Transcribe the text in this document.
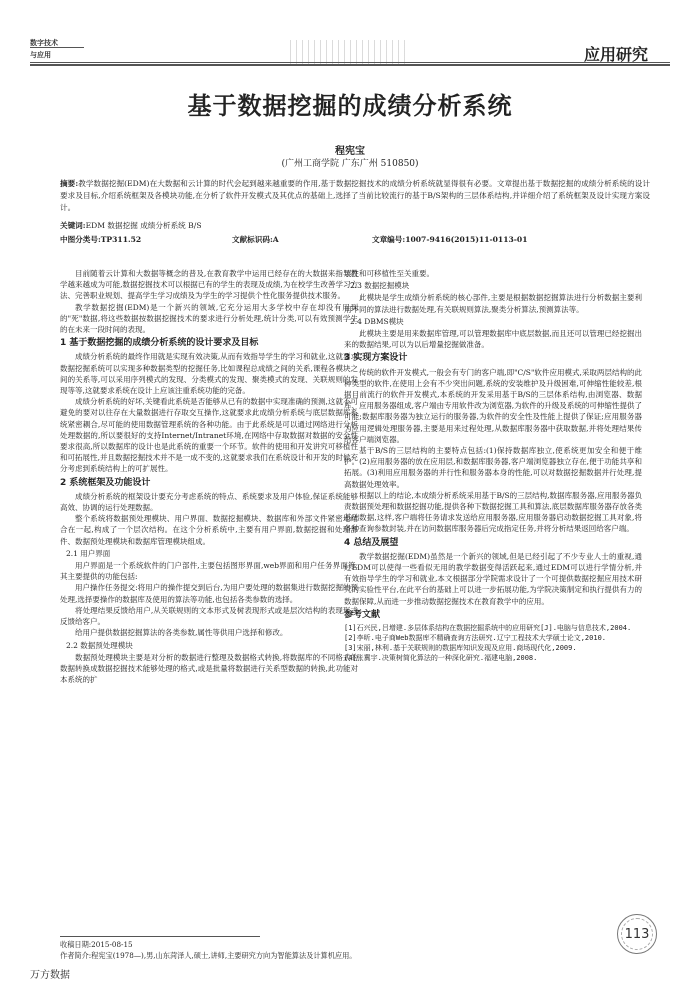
数字技术
与应用	应用研究
基于数据挖掘的成绩分析系统
程宪宝
(广州工商学院 广东广州 510850)
摘要:教学数据挖掘(EDM)在大数据和云计算的时代会起到越来越重要的作用,基于数据挖掘技术的成绩分析系统就显得很有必要。文章提出基于数据挖掘的成绩分析系统的设计要求及目标,介绍系统框架及各模块功能,在分析了软件开发模式及其优点的基础上,选择了当前比较流行的基于B/S架构的三层体系结构,并详细介绍了系统框架及设计实现方案设计。
关键词:EDM 数据挖掘 成绩分析系统 B/S
中图分类号:TP311.52	文献标识码:A	文章编号:1007-9416(2015)11-0113-01

目前随着云计算和大数据等概念的普及,在教育教学中运用已经存在的大数据来指导教学越来越成为可能,数据挖掘技术可以根据已有的学生的表现及成绩,为在校学生改善学习方法、完善职业规划、提高学生学习成绩及为学生的学习提供个性化服务提供技术服务。

教学数据挖掘(EDM)是一个新兴的领域,它充分运用大多学校中存在却没有用到的"死"数据,将这些数据按数据挖掘技术的要求进行分析处理,统计分类,可以有效预测学生的在未来一段时间的表现。

1 基于数据挖掘的成绩分析系统的设计要求及目标

成绩分析系统的最终作用就是实现有效决策,从而有效指导学生的学习和就业,这就要求数据挖掘系统可以实现多种数据类型的挖掘任务,比如课程总成绩之间的关系,课程各模块之间的关系等,可以采用序列模式的发现、分类模式的发现、聚类模式的发现、关联规则的发现等等,这就要求系统在设计上应该注重系统功能的完备。

成绩分析系统的好坏,关键看此系统是否能够从已有的数据中实现准确的预测,这就不可避免的要对以往存在大量数据进行存取交互操作,这就要求此成绩分析系统与底层数据库系统紧密耦合,尽可能的使用数据管理系统的各种功能。由于此系统是可以通过网络进行分析处理数据的,所以要很好的支持Internet/Intranet环境,在网络中存取数据对数据的安全性要求很高,所以数据库的设计也是此系统的重要一个环节。软件的使用和开发讲究可移植性和可拓展性,并且数据挖掘技术并不是一成不变的,这就要求我们在系统设计和开发的时候充分考虑到系统结构上的可扩展性。

2 系统框架及功能设计

成绩分析系统的框架设计要充分考虑系统的特点、系统要求及用户体验,保证系统能够高效、协调的运行处理数据。

整个系统将数据预处理模块、用户界面、数据挖掘模块、数据库和外部文件紧密地结合在一起,构成了一个层次结构。在这个分析系统中,主要有用户界面,数据挖掘和处理部件、数据预处理模块和数据库管理模块组成。

2.1 用户界面

用户界面是一个系统软件的门户部件,主要包括图形界面,web界面和用户任务界面等,其主要提供的功能包括:

用户操作任务提交:将用户的操作提交到后台,为用户要处理的数据集进行数据挖掘的预处理,选择要操作的数据库及使用的算法等功能,也包括各类参数的选择。

将处理结果反馈给用户,从关联规则的文本形式及树表现形式或是层次结构的表现形式反馈给客户。

给用户提供数据挖掘算法的各类参数,属性等供用户选择和修改。

2.2 数据预处理模块

数据预处理模块主要是对分析的数据进行整理及数据格式转换,将数据库的不同格式的数据转换成数据挖掘技术能够处理的格式,或是批量将数据进行关系型数据的转换,此功能对本系统的扩

展性和可移植性至关重要。

2.3 数据挖掘模块

此模块是学生成绩分析系统的核心部件,主要是根据数据挖掘算法进行分析数据主要利用不同的算法进行数据处理,有关联规则算法,聚类分析算法,预测算法等。

2.4 DBMS模块

此模块主要是用来数据库管理,可以管理数据库中底层数据,而且还可以管理已经挖掘出来的数据结果,可以为以后增量挖掘做准备。

3 实现方案设计

传统的软件开发模式,一般会有专门的客户端,即"C/S"软件应用模式,采取两层结构的此种类型的软件,在使用上会有不少突出问题,系统的安装维护及升级困难,可伸缩性能较差,根据目前流行的软件开发模式,本系统的开发采用基于B/S的三层体系结构,由浏览器、数据库、应用服务器组成,客户端由专用软件改为浏览器,为软件的升级及系统的可伸缩性提供了可能;数据库服务器为独立运行的服务器,为软件的安全性及性能上提供了保证;应用服务器为应用逻辑处理服务器,主要是用来过程处理,从数据库服务器中获取数据,并将处理结果传给客户端浏览器。

基于B/S的三层结构的主要特点包括:(1)保持数据库独立,使系统更加安全和便于维护。(2)应用服务器的放在应用层,和数据库服务器,客户端浏览器独立存在,便于功能共享和拓展。(3)利用应用服务器的并行性和服务器本身的性能,可以对数据挖掘数据并行处理,提高数据处理效率。

根据以上的结论,本成绩分析系统采用基于B/S的三层结构,数据库服务器,应用服务器负责数据预处理和数据挖掘功能,提供各种下数据挖掘工具和算法,底层数据库服务器存放各类基础数据,这样,客户端将任务请求发送给应用服务器,应用服务器启动数据挖掘工具对象,将各种查询参数封装,并在访问数据库服务器后完成指定任务,并将分析结果返回给客户端。

4 总结及展望

教学数据挖掘(EDM)虽然是一个新兴的领域,但是已经引起了不少专业人士的重视,通过EDM可以使得一些看似无用的教学数据变得活跃起来,通过EDM可以进行学情分析,并有效指导学生的学习和就业,本文根据部分学院需求设计了一个可提供数据挖掘应用技术研究的实验性平台,在此平台的基础上可以进一步拓展功能,为学院决策制定和执行提供有力的数据保障,从而进一步推动数据挖掘技术在教育教学中的应用。

参考文献

[1]石兴民,吕增建.多层体系结构在数据挖掘系统中的应用研究[J].电脑与信息技术,2004.

[2]李昕.电子商Web数据库不精确查询方法研究.辽宁工程技术大学硕士论文,2010.

[3]宋丽,林利.基于关联规则的数据库知识发现及应用.商场现代化,2009.

[4]张冀宇.决策树简化算法的一种深化研究.福建电脑,2008.

收稿日期:2015-08-15
作者简介:程宪宝(1978—),男,山东菏泽人,硕士,讲师,主要研究方向为智能算法及计算机应用。
113
万方数据
